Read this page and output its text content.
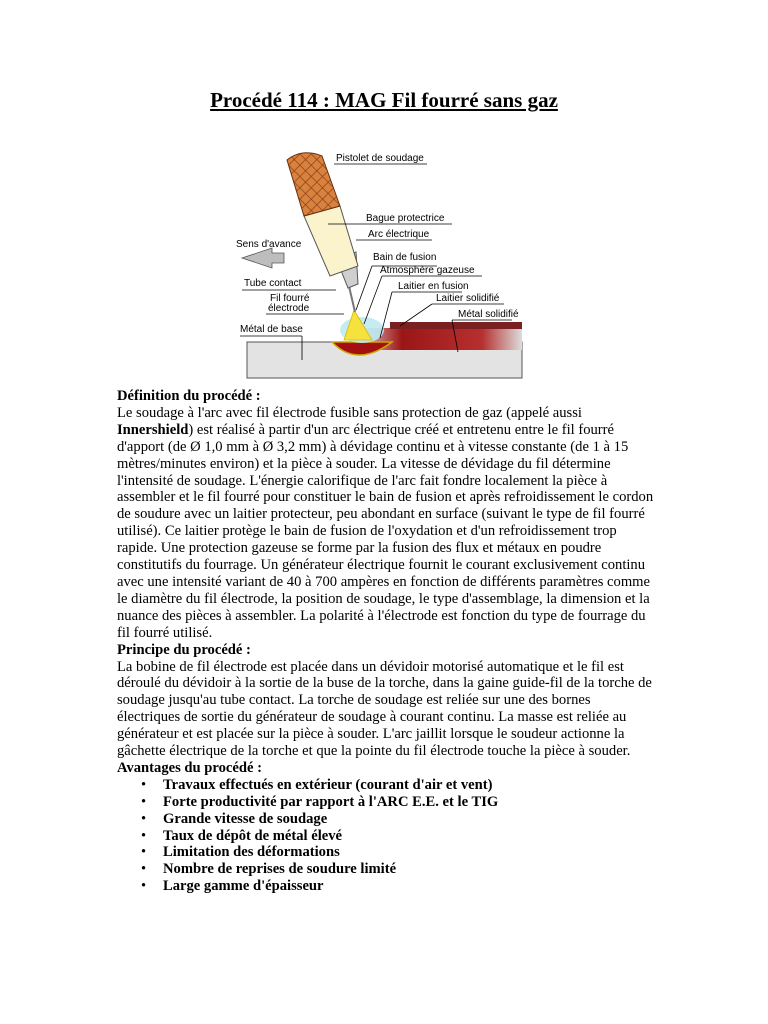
Procédé 114 : MAG Fil fourré sans gaz
Pistolet de soudage
Bague protectrice
Arc électrique
Bain de fusion
Atmosphère gazeuse
Laitier en fusion
Laitier solidifié
Métal solidifié
Sens d'avance
Tube contact
Fil fourré
électrode
Métal de base

Définition du procédé :

Le soudage à l'arc avec fil électrode fusible sans protection de gaz (appelé aussi Innershield) est réalisé à partir d'un arc électrique créé et entretenu entre le fil fourré d'apport (de Ø 1,0 mm à Ø 3,2 mm) à dévidage continu et à vitesse constante (de 1 à 15 mètres/minutes environ) et la pièce à souder. La vitesse de dévidage du fil détermine l'intensité de soudage. L'énergie calorifique de l'arc fait fondre localement la pièce à assembler et le fil fourré pour constituer le bain de fusion et après refroidissement le cordon de soudure avec un laitier protecteur, peu abondant en surface (suivant le type de fil fourré utilisé). Ce laitier protège le bain de fusion de l'oxydation et d'un refroidissement trop rapide. Une protection gazeuse se forme par la fusion des flux et métaux en poudre constitutifs du fourrage. Un générateur électrique fournit le courant exclusivement continu avec une intensité variant de 40 à 700 ampères en fonction de différents paramètres comme le diamètre du fil électrode, la position de soudage, le type d'assemblage, la dimension et la nuance des pièces à assembler. La polarité à l'électrode est fonction du type de fourrage du fil fourré utilisé.

Principe du procédé :

La bobine de fil électrode est placée dans un dévidoir motorisé automatique et le fil est déroulé du dévidoir à la sortie de la buse de la torche, dans la gaine guide-fil de la torche de soudage jusqu'au tube contact. La torche de soudage est reliée sur une des bornes électriques de sortie du générateur de soudage à courant continu. La masse est reliée au générateur et est placée sur la pièce à souder. L'arc jaillit lorsque le soudeur actionne la gâchette électrique de la torche et que la pointe du fil électrode touche la pièce à souder.

Avantages du procédé :

• Travaux effectués en extérieur (courant d'air et vent)
• Forte productivité par rapport à l'ARC E.E. et le TIG
• Grande vitesse de soudage
• Taux de dépôt de métal élevé
• Limitation des déformations
• Nombre de reprises de soudure limité
• Large gamme d'épaisseur
